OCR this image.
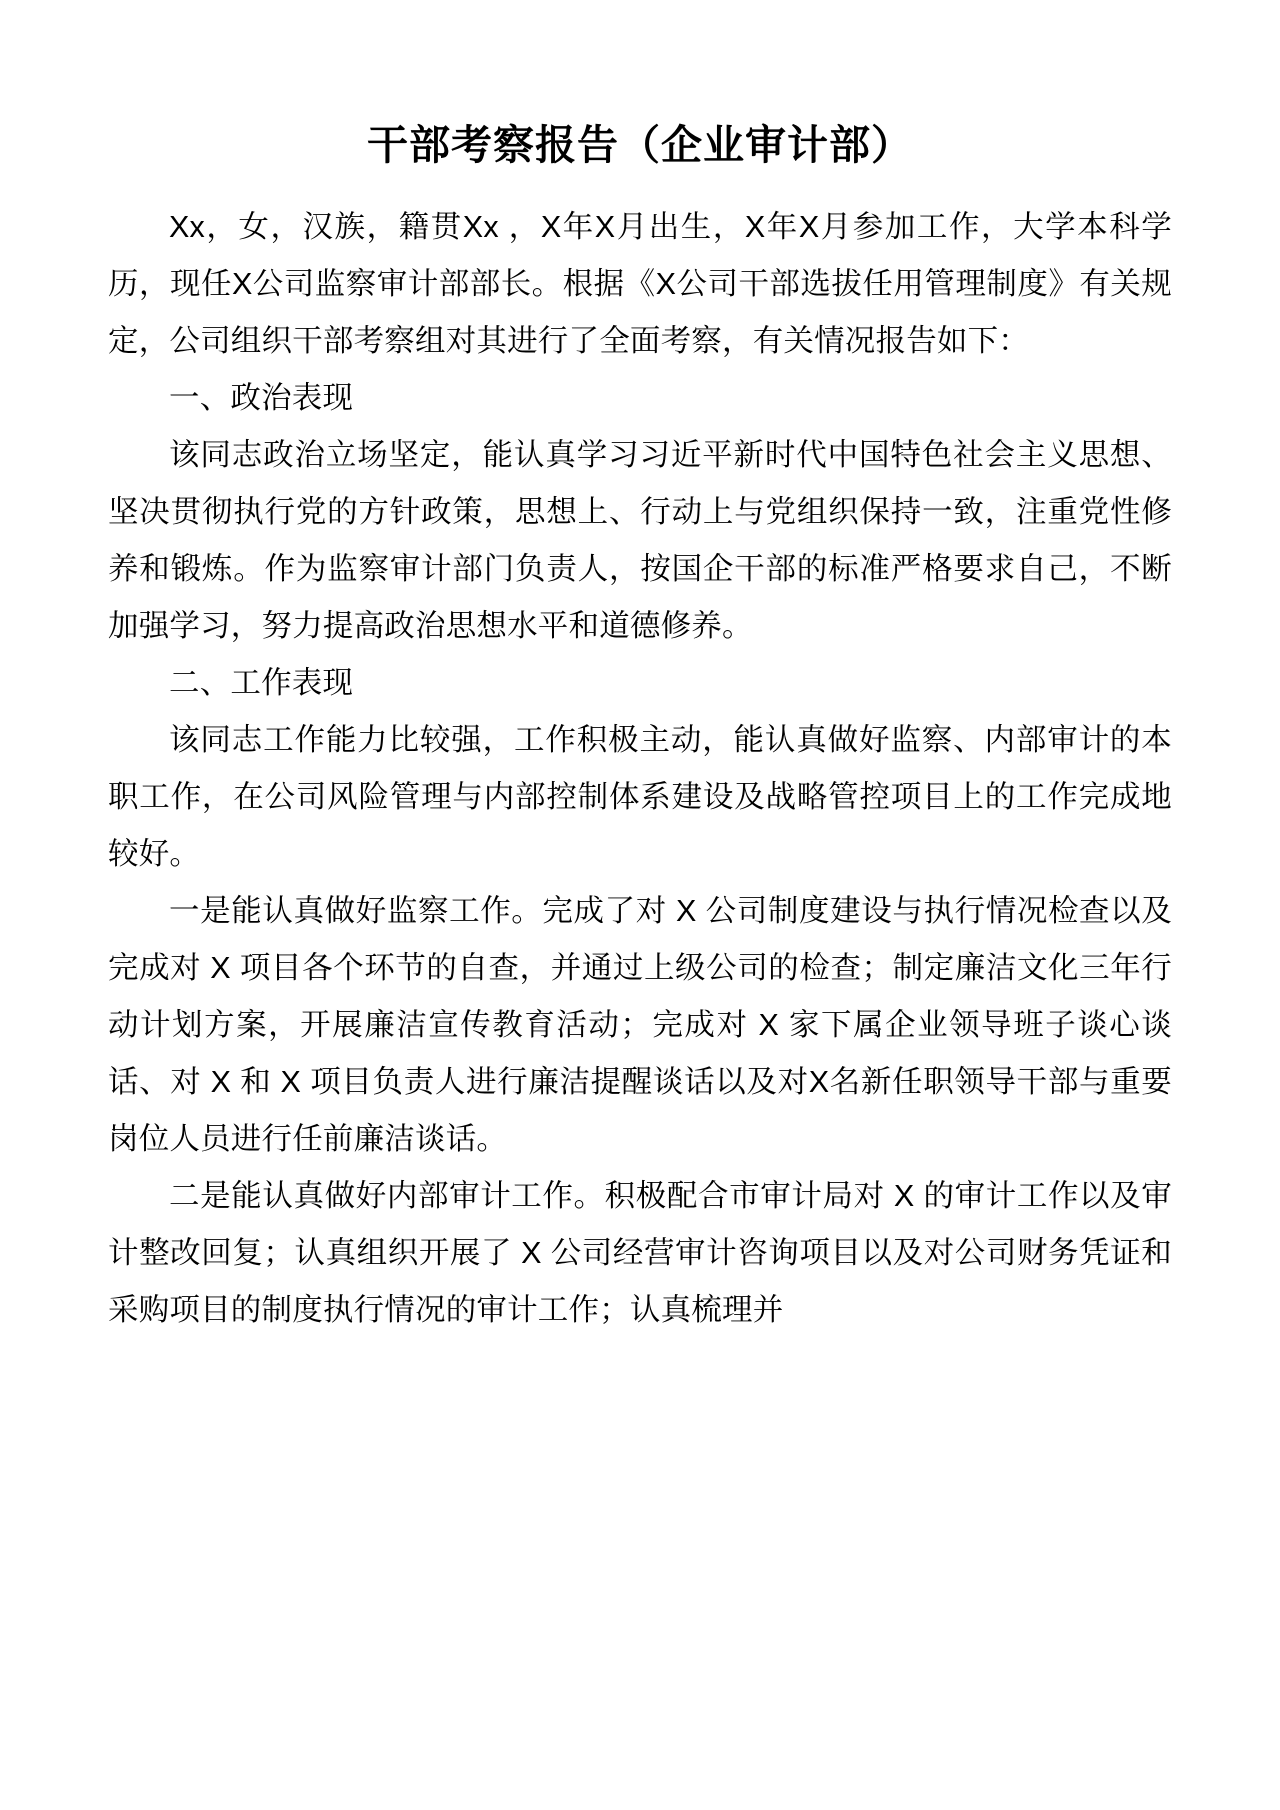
干部考察报告（企业审计部）

Xx，女，汉族，籍贯Xx ，X年X月出生，X年X月参加工作，大学本科学历，现任X公司监察审计部部长。根据《X公司干部选拔任用管理制度》有关规定，公司组织干部考察组对其进行了全面考察，有关情况报告如下：

一、政治表现

该同志政治立场坚定，能认真学习习近平新时代中国特色社会主义思想、坚决贯彻执行党的方针政策，思想上、行动上与党组织保持一致，注重党性修养和锻炼。作为监察审计部门负责人，按国企干部的标准严格要求自己，不断加强学习，努力提高政治思想水平和道德修养。

二、工作表现

该同志工作能力比较强，工作积极主动，能认真做好监察、内部审计的本职工作，在公司风险管理与内部控制体系建设及战略管控项目上的工作完成地较好。

一是能认真做好监察工作。完成了对 X 公司制度建设与执行情况检查以及完成对 X 项目各个环节的自查，并通过上级公司的检查；制定廉洁文化三年行动计划方案，开展廉洁宣传教育活动；完成对 X 家下属企业领导班子谈心谈话、对 X 和 X 项目负责人进行廉洁提醒谈话以及对X名新任职领导干部与重要岗位人员进行任前廉洁谈话。

二是能认真做好内部审计工作。积极配合市审计局对 X 的审计工作以及审计整改回复；认真组织开展了 X 公司经营审计咨询项目以及对公司财务凭证和采购项目的制度执行情况的审计工作；认真梳理并
